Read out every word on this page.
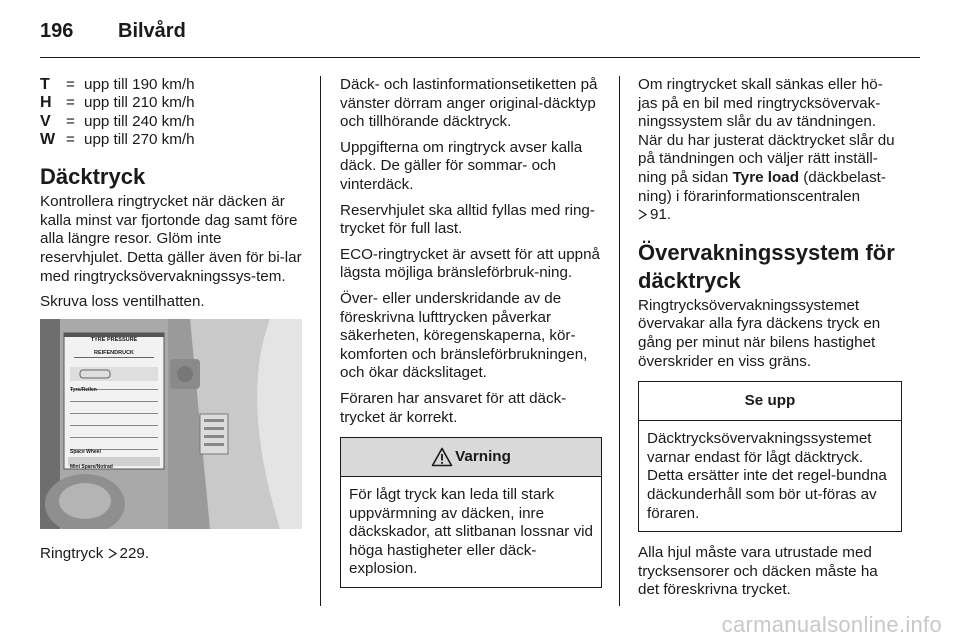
196 Bilvård
T	=	upp till 190 km/h
H	=	upp till 210 km/h
V	=	upp till 240 km/h
W	=	upp till 270 km/h
Däcktryck

Kontrollera ringtrycket när däcken är kalla minst var fjortonde dag samt före alla längre resor. Glöm inte reservhjulet. Detta gäller även för bi-lar med ringtrycksövervakningssys-tem.

Skruva loss ventilhatten.

TYRE PRESSURE
REIFENDRUCK
Tyre/Reifen
Space Wheel
Mini Spare/Notrad

Ringtryck 229.

Däck- och lastinformationsetiketten på vänster dörram anger original-däcktyp och tillhörande däcktryck.

Uppgifterna om ringtryck avser kalla däck. De gäller för sommar- och vinterdäck.

Reservhjulet ska alltid fyllas med ring-trycket för full last.

ECO-ringtrycket är avsett för att uppnå lägsta möjliga bränsleförbruk-ning.

Över- eller underskridande av de föreskrivna lufttrycken påverkar säkerheten, köregenskaperna, kör-komforten och bränsleförbrukningen, och ökar däckslitaget.

Föraren har ansvaret för att däck-trycket är korrekt.

Varning
För lågt tryck kan leda till stark uppvärmning av däcken, inre däckskador, att slitbanan lossnar vid höga hastigheter eller däck-explosion.

Om ringtrycket skall sänkas eller hö-jas på en bil med ringtrycksövervak-ningssystem slår du av tändningen. När du har justerat däcktrycket slår du på tändningen och väljer rätt inställ-ning på sidan Tyre load (däckbelast-ning) i förarinformationscentralen
91.

Övervakningssystem för däcktryck

Ringtrycksövervakningssystemet övervakar alla fyra däckens tryck en gång per minut när bilens hastighet överskrider en viss gräns.

Se upp
Däcktrycksövervakningssystemet varnar endast för lågt däcktryck. Detta ersätter inte det regel-bundna däckunderhåll som bör ut-föras av föraren.

Alla hjul måste vara utrustade med trycksensorer och däcken måste ha det föreskrivna trycket.

carmanualsonline.info
